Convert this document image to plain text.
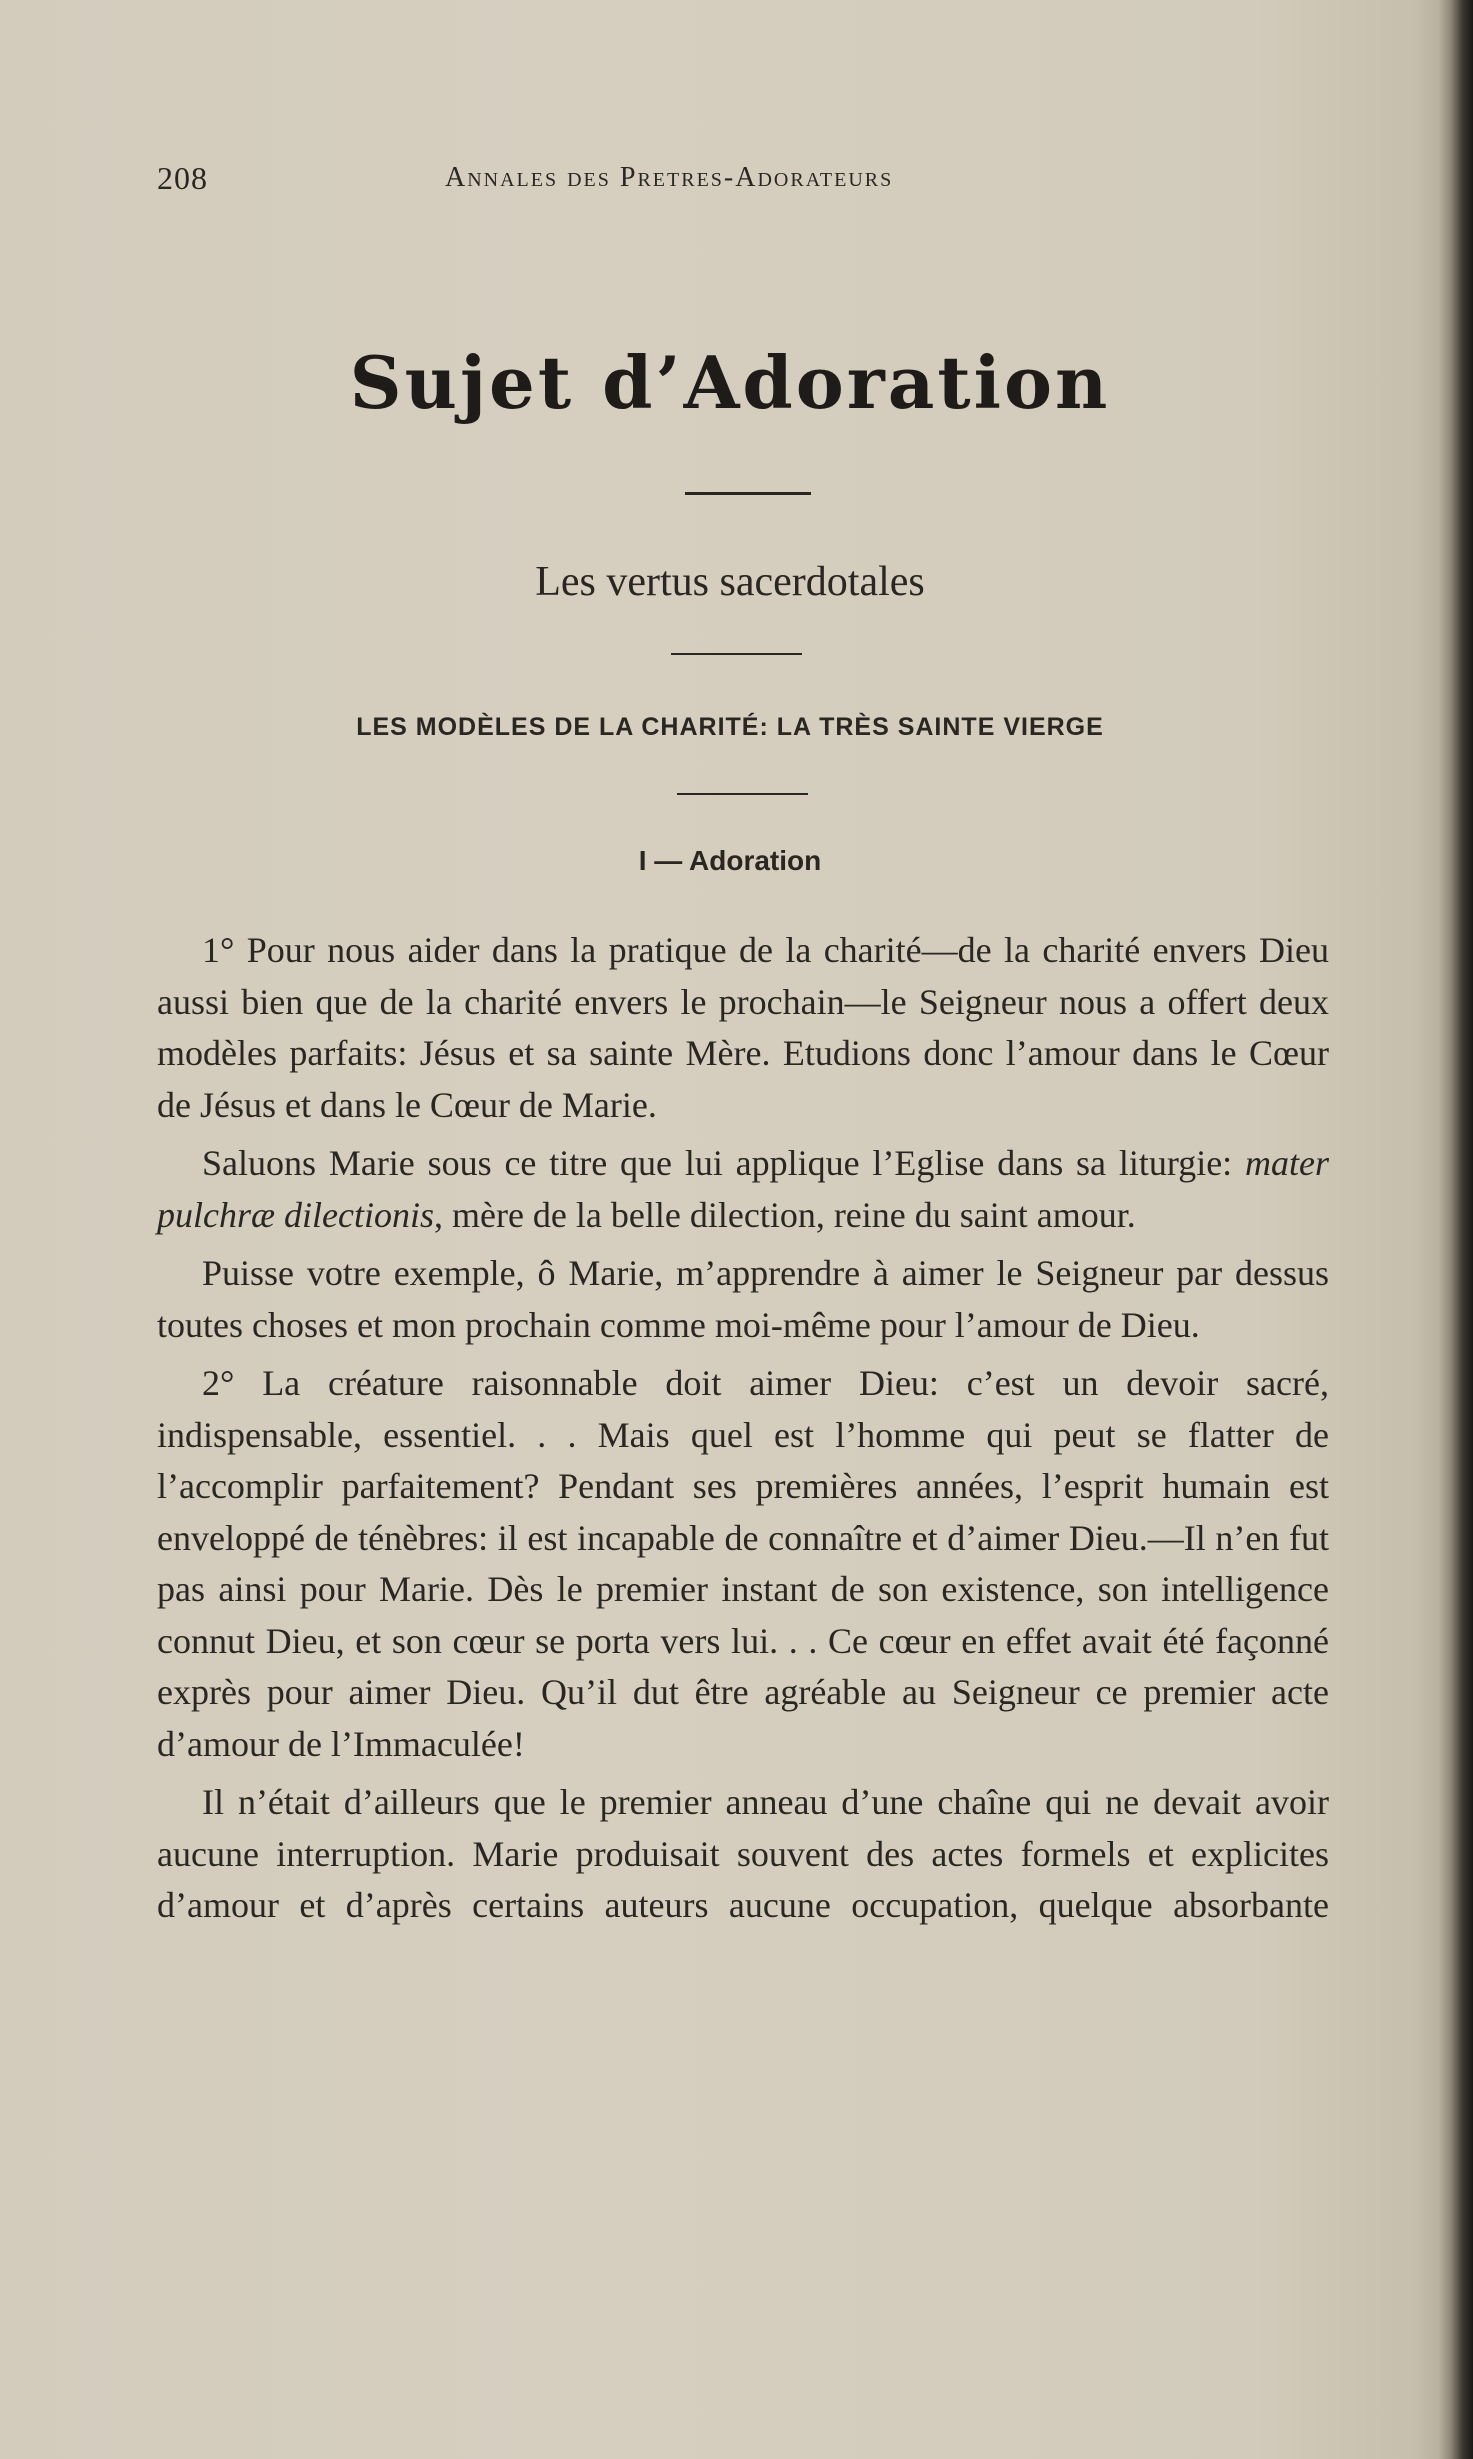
208	Annales des Pretres-Adorateurs
Sujet d’Adoration
Les vertus sacerdotales
LES MODÈLES DE LA CHARITÉ: LA TRÈS SAINTE VIERGE
I — Adoration

1° Pour nous aider dans la pratique de la charité—de la charité envers Dieu aussi bien que de la charité envers le prochain—le Seigneur nous a offert deux modèles parfaits: Jésus et sa sainte Mère. Etudions donc l’amour dans le Cœur de Jésus et dans le Cœur de Marie.

Saluons Marie sous ce titre que lui applique l’Eglise dans sa liturgie: mater pulchræ dilectionis, mère de la belle dilection, reine du saint amour.

Puisse votre exemple, ô Marie, m’apprendre à aimer le Seigneur par dessus toutes choses et mon prochain comme moi-même pour l’amour de Dieu.

2° La créature raisonnable doit aimer Dieu: c’est un devoir sacré, indispensable, essentiel. . . Mais quel est l’homme qui peut se flatter de l’accomplir parfaitement? Pendant ses premières années, l’esprit humain est enveloppé de ténèbres: il est incapable de connaître et d’aimer Dieu.—Il n’en fut pas ainsi pour Marie. Dès le premier instant de son existence, son intelligence connut Dieu, et son cœur se porta vers lui. . . Ce cœur en effet avait été façonné exprès pour aimer Dieu. Qu’il dut être agréable au Seigneur ce premier acte d’amour de l’Immaculée!

Il n’était d’ailleurs que le premier anneau d’une chaîne qui ne devait avoir aucune interruption. Marie produisait souvent des actes formels et explicites d’amour et d’après certains auteurs aucune occupation, quelque absorbante
